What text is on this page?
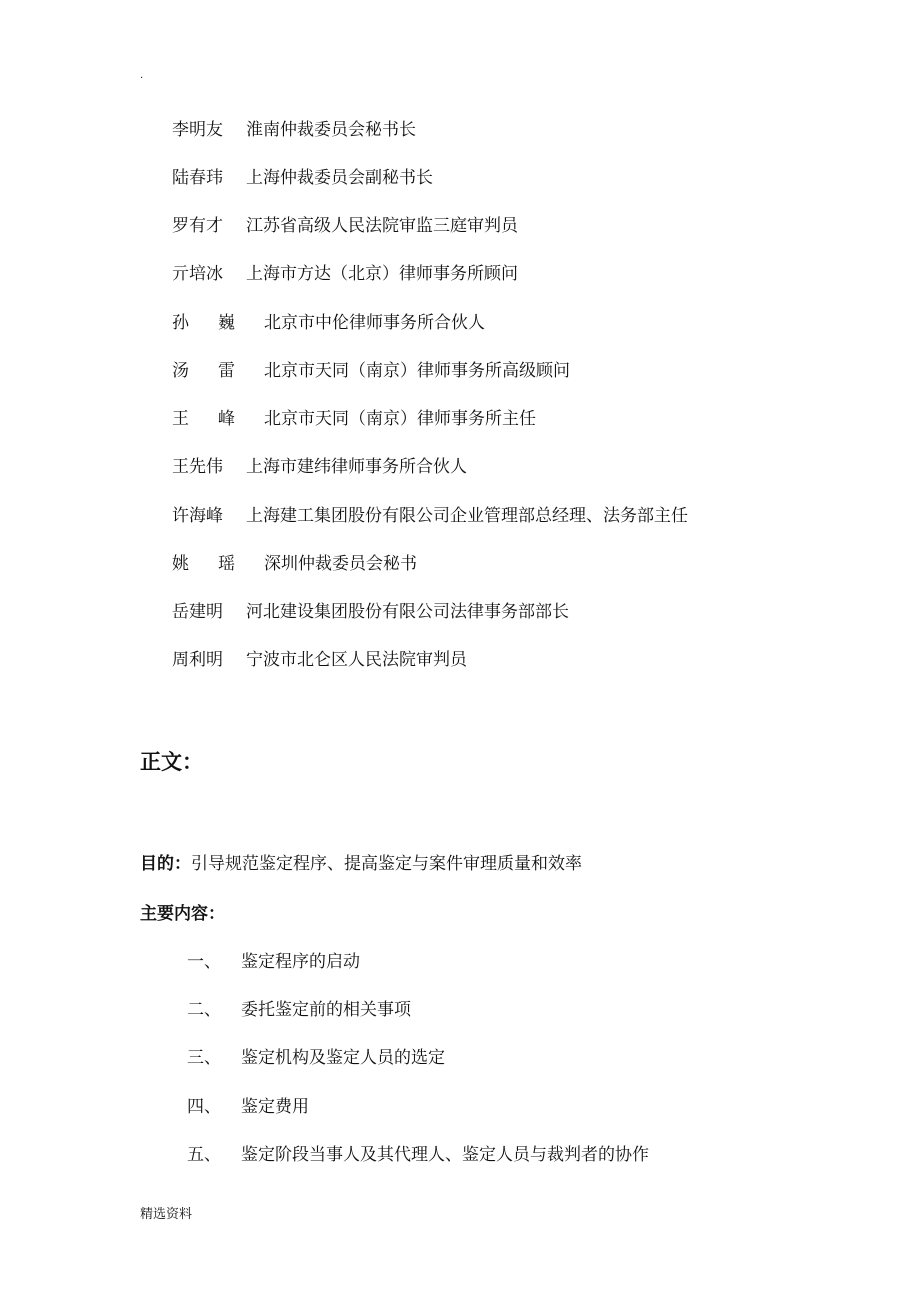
.
李明友 淮南仲裁委员会秘书长
陆春玮 上海仲裁委员会副秘书长
罗有才 江苏省高级人民法院审监三庭审判员
亓培冰 上海市方达（北京）律师事务所顾问
孙 巍 北京市中伦律师事务所合伙人
汤 雷 北京市天同（南京）律师事务所高级顾问
王 峰 北京市天同（南京）律师事务所主任
王先伟 上海市建纬律师事务所合伙人
许海峰 上海建工集团股份有限公司企业管理部总经理、法务部主任
姚 瑶 深圳仲裁委员会秘书
岳建明 河北建设集团股份有限公司法律事务部部长
周利明 宁波市北仑区人民法院审判员
正文：
目的：引导规范鉴定程序、提高鉴定与案件审理质量和效率
主要内容：
一、 鉴定程序的启动
二、 委托鉴定前的相关事项
三、 鉴定机构及鉴定人员的选定
四、 鉴定费用
五、 鉴定阶段当事人及其代理人、鉴定人员与裁判者的协作
精选资料
